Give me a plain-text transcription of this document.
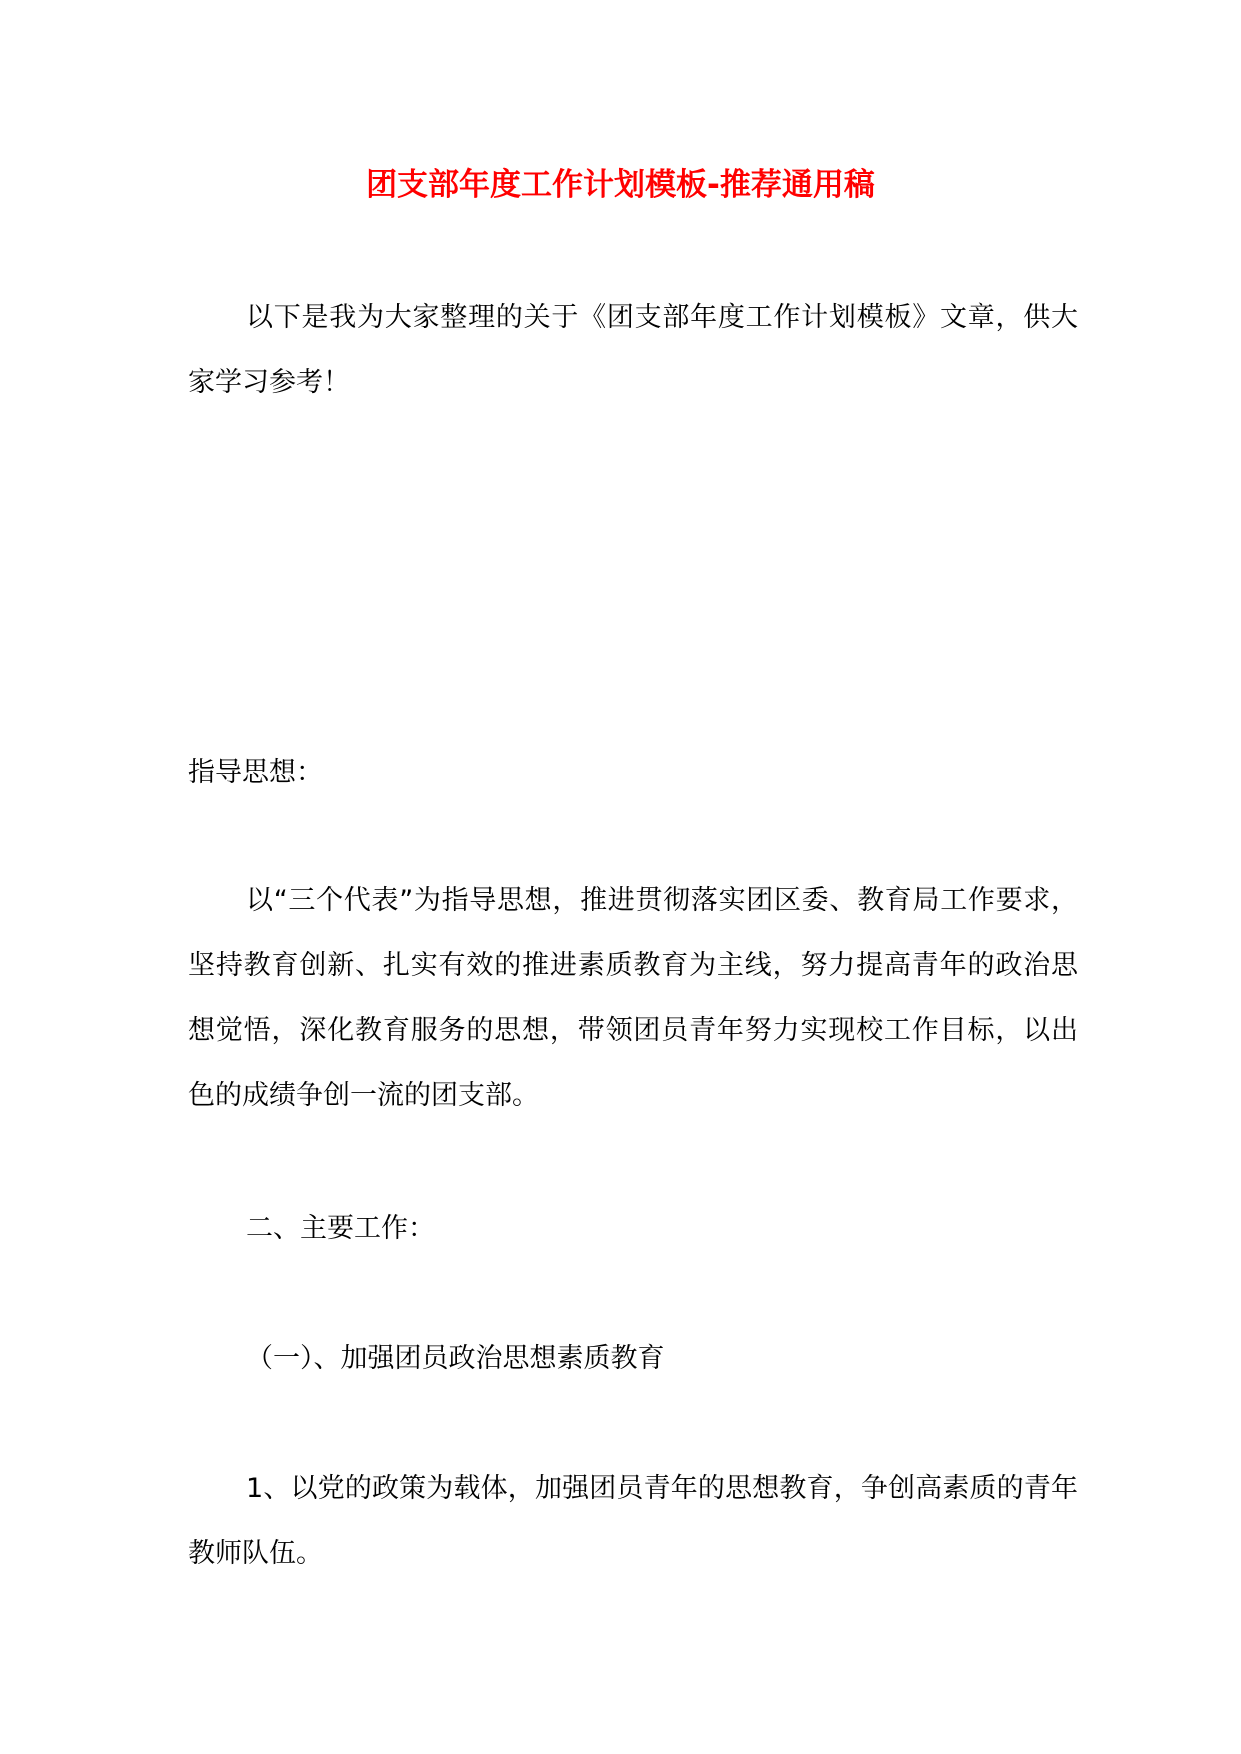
团支部年度工作计划模板-推荐通用稿
以下是我为大家整理的关于《团支部年度工作计划模板》文章，供大家学习参考！
指导思想：
以“三个代表”为指导思想，推进贯彻落实团区委、教育局工作要求，坚持教育创新、扎实有效的推进素质教育为主线，努力提高青年的政治思想觉悟，深化教育服务的思想，带领团员青年努力实现校工作目标，以出色的成绩争创一流的团支部。
二、主要工作：
（一）、加强团员政治思想素质教育
1、以党的政策为载体，加强团员青年的思想教育，争创高素质的青年教师队伍。
